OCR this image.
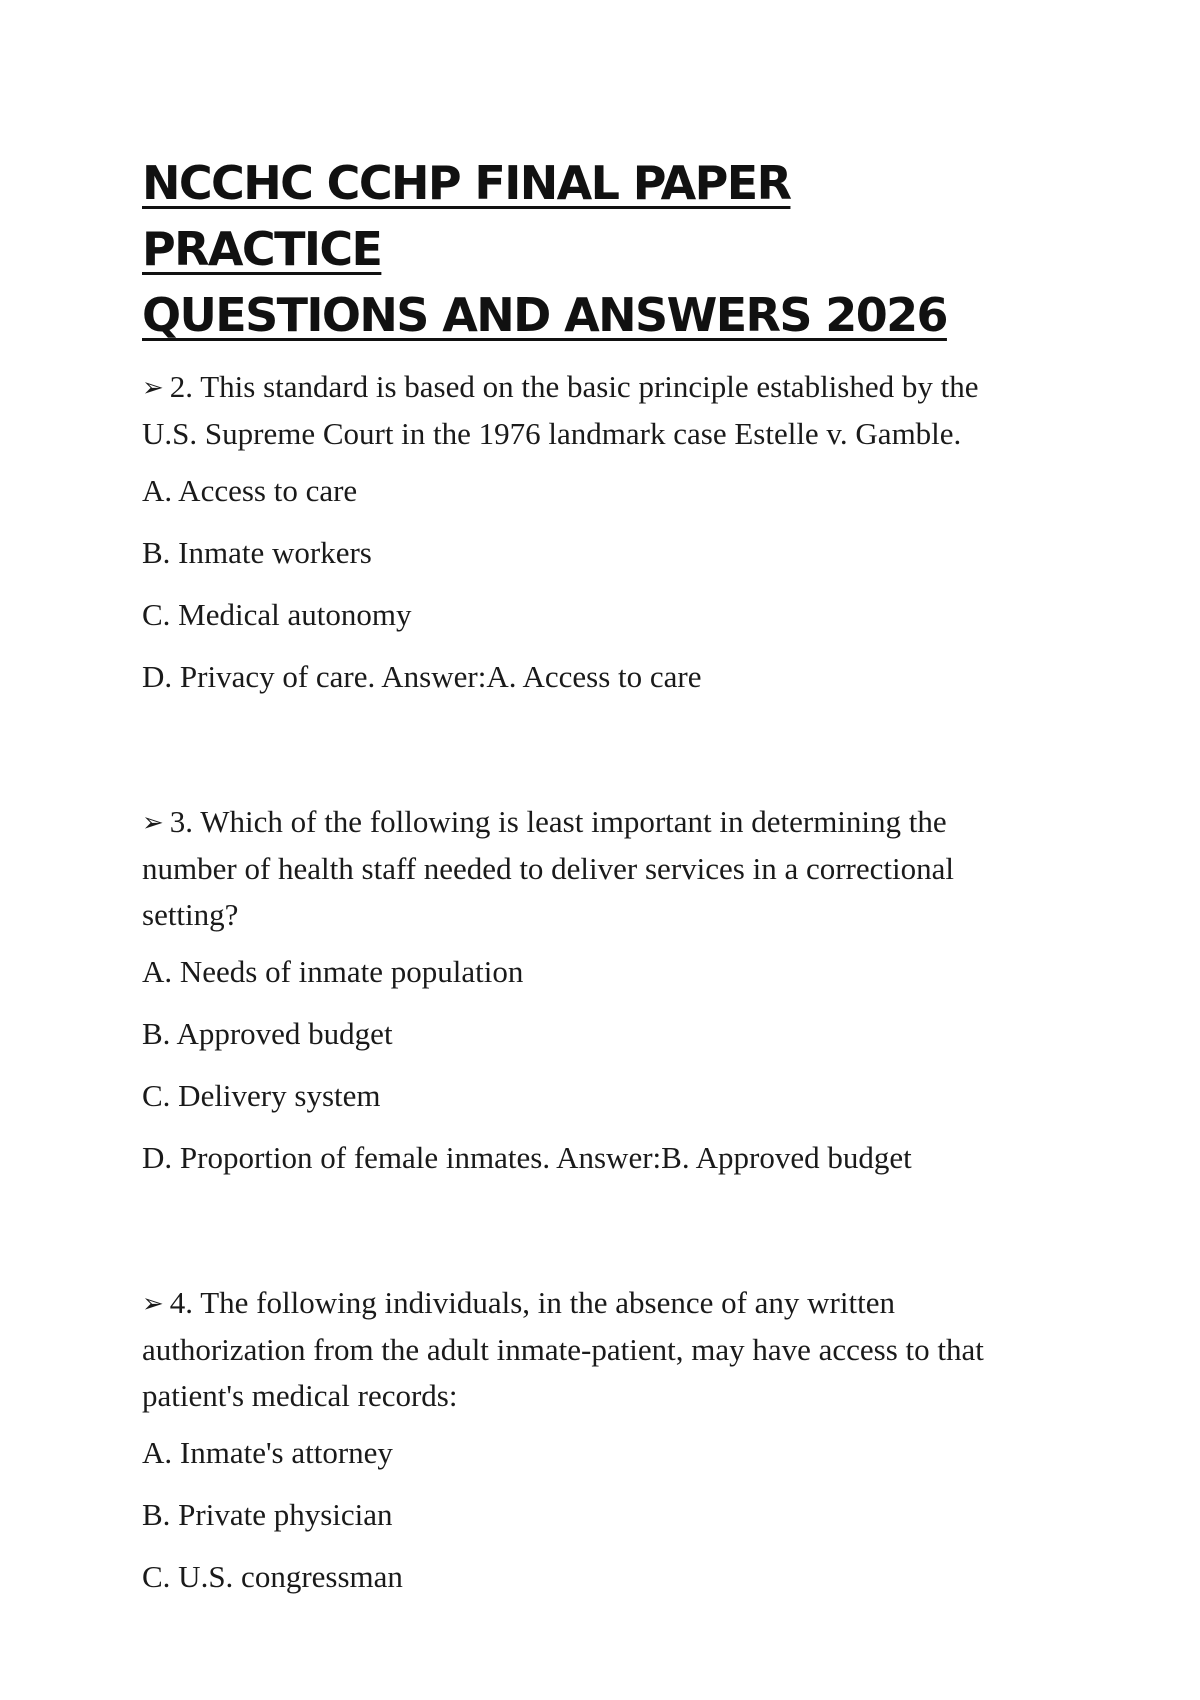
NCCHC CCHP FINAL PAPER PRACTICE
QUESTIONS AND ANSWERS 2026

➢ 2. This standard is based on the basic principle established by the U.S. Supreme Court in the 1976 landmark case Estelle v. Gamble.

A. Access to care

B. Inmate workers

C. Medical autonomy

D. Privacy of care. Answer:A. Access to care

➢ 3. Which of the following is least important in determining the number of health staff needed to deliver services in a correctional setting?

A. Needs of inmate population

B. Approved budget

C. Delivery system

D. Proportion of female inmates. Answer:B. Approved budget

➢ 4. The following individuals, in the absence of any written authorization from the adult inmate-patient, may have access to that patient's medical records:

A. Inmate's attorney

B. Private physician

C. U.S. congressman
